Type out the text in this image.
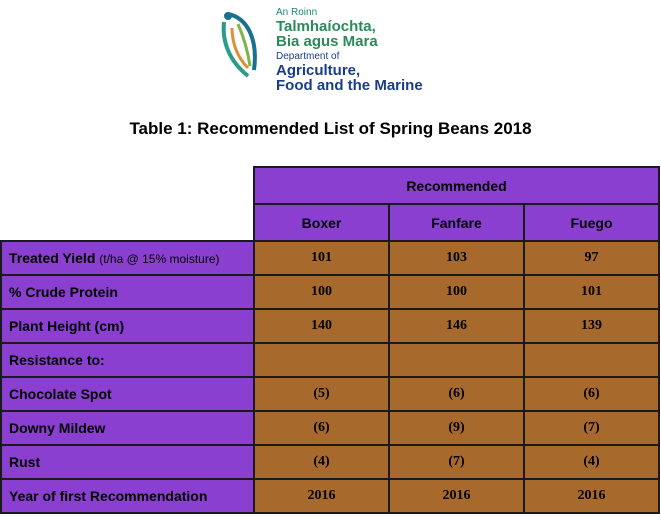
An Roinn
Talmhaíochta,
Bia agus Mara
Department of
Agriculture,
Food and the Marine
Table 1: Recommended List of Spring Beans 2018
	Recommended		
	Boxer	Fanfare	Fuego
Treated Yield (t/ha @ 15% moisture)	101	103	97
% Crude Protein	100	100	101
Plant Height (cm)	140	146	139
Resistance to:			
Chocolate Spot	(5)	(6)	(6)
Downy Mildew	(6)	(9)	(7)
Rust	(4)	(7)	(4)
Year of first Recommendation	2016	2016	2016
